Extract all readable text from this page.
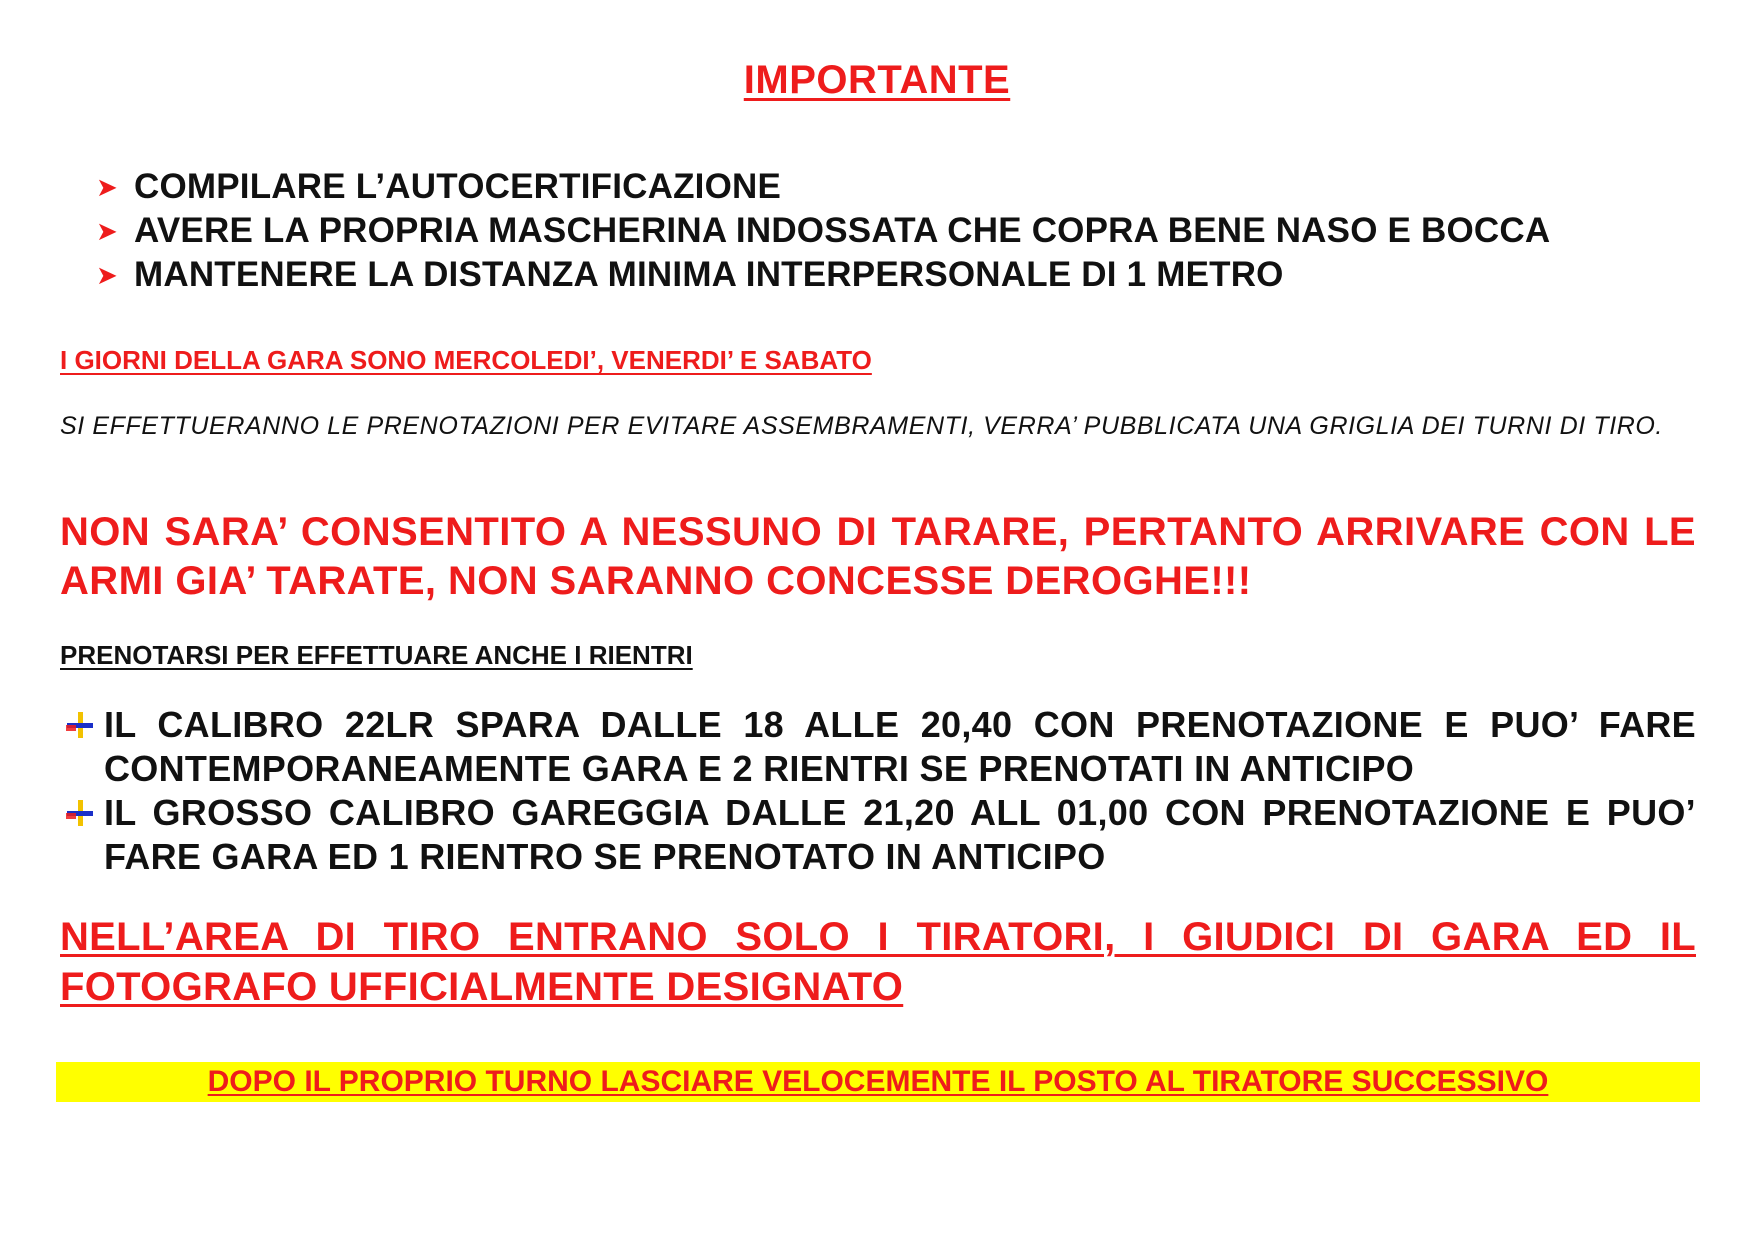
IMPORTANTE
➤ COMPILARE L’AUTOCERTIFICAZIONE
➤ AVERE LA PROPRIA MASCHERINA INDOSSATA CHE COPRA BENE NASO E BOCCA
➤ MANTENERE LA DISTANZA MINIMA INTERPERSONALE DI 1 METRO
I GIORNI DELLA GARA SONO MERCOLEDI’, VENERDI’ E SABATO
SI EFFETTUERANNO LE PRENOTAZIONI PER EVITARE ASSEMBRAMENTI, VERRA’ PUBBLICATA UNA GRIGLIA DEI TURNI DI TIRO.
NON SARA’ CONSENTITO A NESSUNO DI TARARE, PERTANTO ARRIVARE CON LE ARMI GIA’ TARATE, NON SARANNO CONCESSE DEROGHE!!!
PRENOTARSI PER EFFETTUARE ANCHE I RIENTRI
IL CALIBRO 22LR SPARA DALLE 18 ALLE 20,40 CON PRENOTAZIONE E PUO’ FARE CONTEMPORANEAMENTE GARA E 2 RIENTRI SE PRENOTATI IN ANTICIPO
IL GROSSO CALIBRO GAREGGIA DALLE 21,20 ALL 01,00 CON PRENOTAZIONE E PUO’ FARE GARA ED 1 RIENTRO SE PRENOTATO IN ANTICIPO
NELL’AREA DI TIRO ENTRANO SOLO I TIRATORI, I GIUDICI DI GARA ED IL FOTOGRAFO UFFICIALMENTE DESIGNATO
DOPO IL PROPRIO TURNO LASCIARE VELOCEMENTE IL POSTO AL TIRATORE SUCCESSIVO
